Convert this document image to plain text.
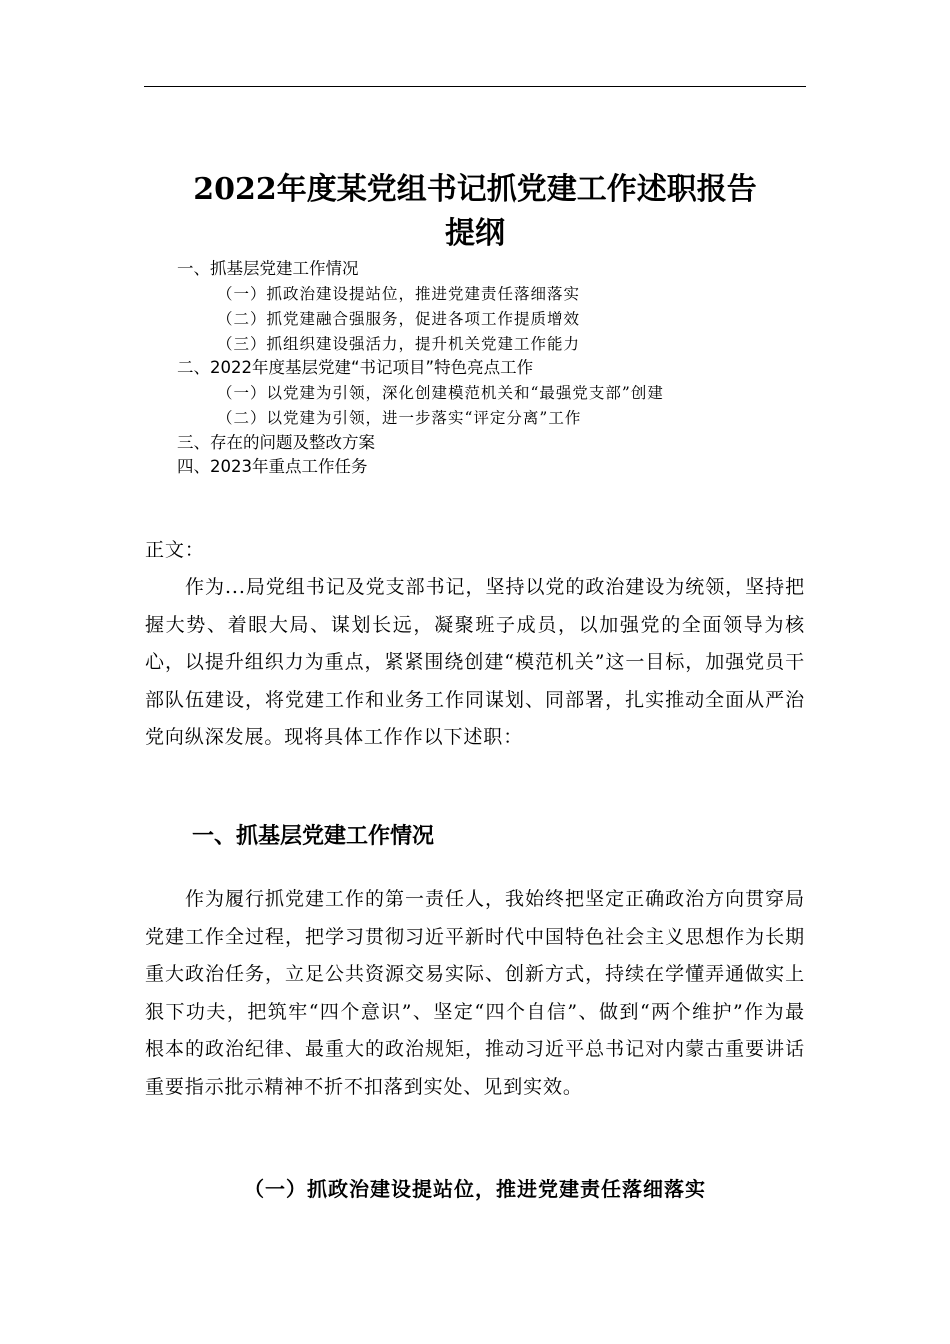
2022年度某党组书记抓党建工作述职报告
提纲
一、抓基层党建工作情况
（一）抓政治建设提站位，推进党建责任落细落实
（二）抓党建融合强服务，促进各项工作提质增效
（三）抓组织建设强活力，提升机关党建工作能力
二、2022年度基层党建“书记项目”特色亮点工作
（一）以党建为引领，深化创建模范机关和“最强党支部”创建
（二）以党建为引领，进一步落实“评定分离”工作
三、存在的问题及整改方案
四、2023年重点工作任务

正文：

作为...局党组书记及党支部书记，坚持以党的政治建设为统领，坚持把握大势、着眼大局、谋划长远，凝聚班子成员，以加强党的全面领导为核心，以提升组织力为重点，紧紧围绕创建“模范机关”这一目标，加强党员干部队伍建设，将党建工作和业务工作同谋划、同部署，扎实推动全面从严治党向纵深发展。现将具体工作作以下述职：

一、抓基层党建工作情况

作为履行抓党建工作的第一责任人，我始终把坚定正确政治方向贯穿局党建工作全过程，把学习贯彻习近平新时代中国特色社会主义思想作为长期重大政治任务，立足公共资源交易实际、创新方式，持续在学懂弄通做实上狠下功夫，把筑牢“四个意识”、坚定“四个自信”、做到“两个维护”作为最根本的政治纪律、最重大的政治规矩，推动习近平总书记对内蒙古重要讲话重要指示批示精神不折不扣落到实处、见到实效。

（一）抓政治建设提站位，推进党建责任落细落实
